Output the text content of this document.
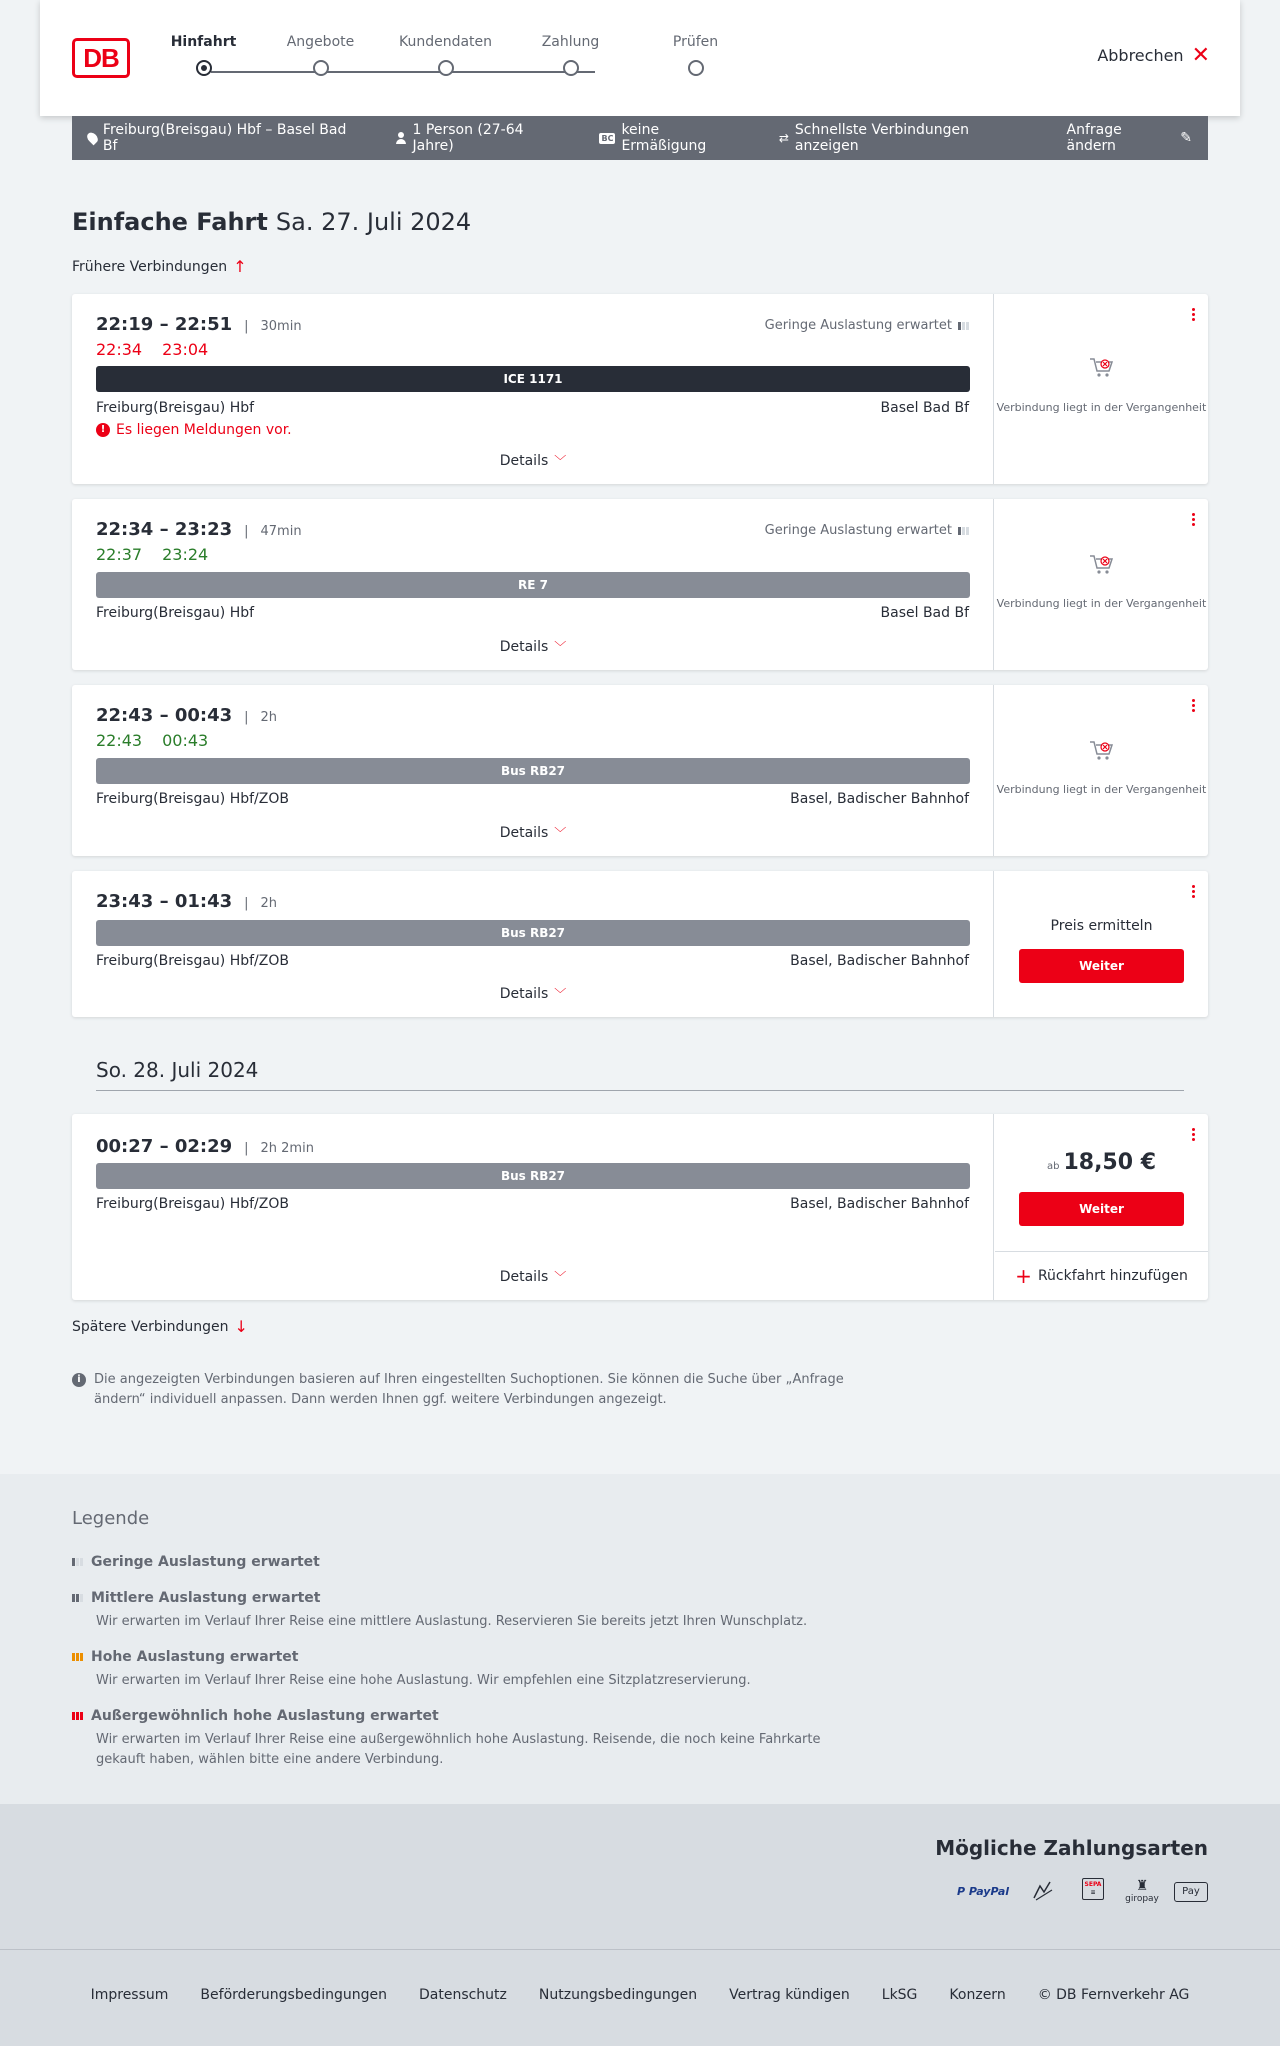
DB
Hinfahrt	Angebote	Kundendaten	Zahlung	Prüfen
Abbrechen ✕
Freiburg(Breisgau) Hbf – Basel Bad Bf
1 Person (27-64 Jahre)	BC keine Ermäßigung	⇄ Schnellste Verbindungen anzeigen
Anfrage ändern	✎
Einfache Fahrt Sa. 27. Juli 2024
Frühere Verbindungen ↑
22:19 – 22:51	| 30min	Geringe Auslastung erwartet
22:34 23:04
ICE 1171
Freiburg(Breisgau) Hbf	Basel Bad Bf
! Es liegen Meldungen vor.
Details ﹀
Verbindung liegt in der Vergangenheit
22:34 – 23:23	| 47min	Geringe Auslastung erwartet
22:37 23:24
RE 7
Freiburg(Breisgau) Hbf	Basel Bad Bf
Details ﹀
Verbindung liegt in der Vergangenheit
22:43 – 00:43	| 2h
22:43 00:43
Bus RB27
Freiburg(Breisgau) Hbf/ZOB	Basel, Badischer Bahnhof
Details ﹀
Verbindung liegt in der Vergangenheit
23:43 – 01:43	| 2h
Bus RB27
Freiburg(Breisgau) Hbf/ZOB	Basel, Badischer Bahnhof
Details ﹀
Preis ermitteln
Weiter
So. 28. Juli 2024
00:27 – 02:29	| 2h 2min
Bus RB27
Freiburg(Breisgau) Hbf/ZOB	Basel, Badischer Bahnhof
Details ﹀
ab 18,50 €
Weiter
+ Rückfahrt hinzufügen
Spätere Verbindungen ↓
i	Die angezeigten Verbindungen basieren auf Ihren eingestellten Suchoptionen. Sie können die Suche über „Anfrage ändern“ individuell anpassen. Dann werden Ihnen ggf. weitere Verbindungen angezeigt.
Legende
Geringe Auslastung erwartet
Mittlere Auslastung erwartet
Wir erwarten im Verlauf Ihrer Reise eine mittlere Auslastung. Reservieren Sie bereits jetzt Ihren Wunschplatz.
Hohe Auslastung erwartet
Wir erwarten im Verlauf Ihrer Reise eine hohe Auslastung. Wir empfehlen eine Sitzplatzreservierung.
Außergewöhnlich hohe Auslastung erwartet
Wir erwarten im Verlauf Ihrer Reise eine außergewöhnlich hohe Auslastung. Reisende, die noch keine Fahrkarte gekauft haben, wählen bitte eine andere Verbindung.
Mögliche Zahlungsarten
P PayPal
SEPA
≡	♜
giropay
Pay
Impressum Beförderungsbedingungen Datenschutz Nutzungsbedingungen Vertrag kündigen LkSG Konzern © DB Fernverkehr AG
